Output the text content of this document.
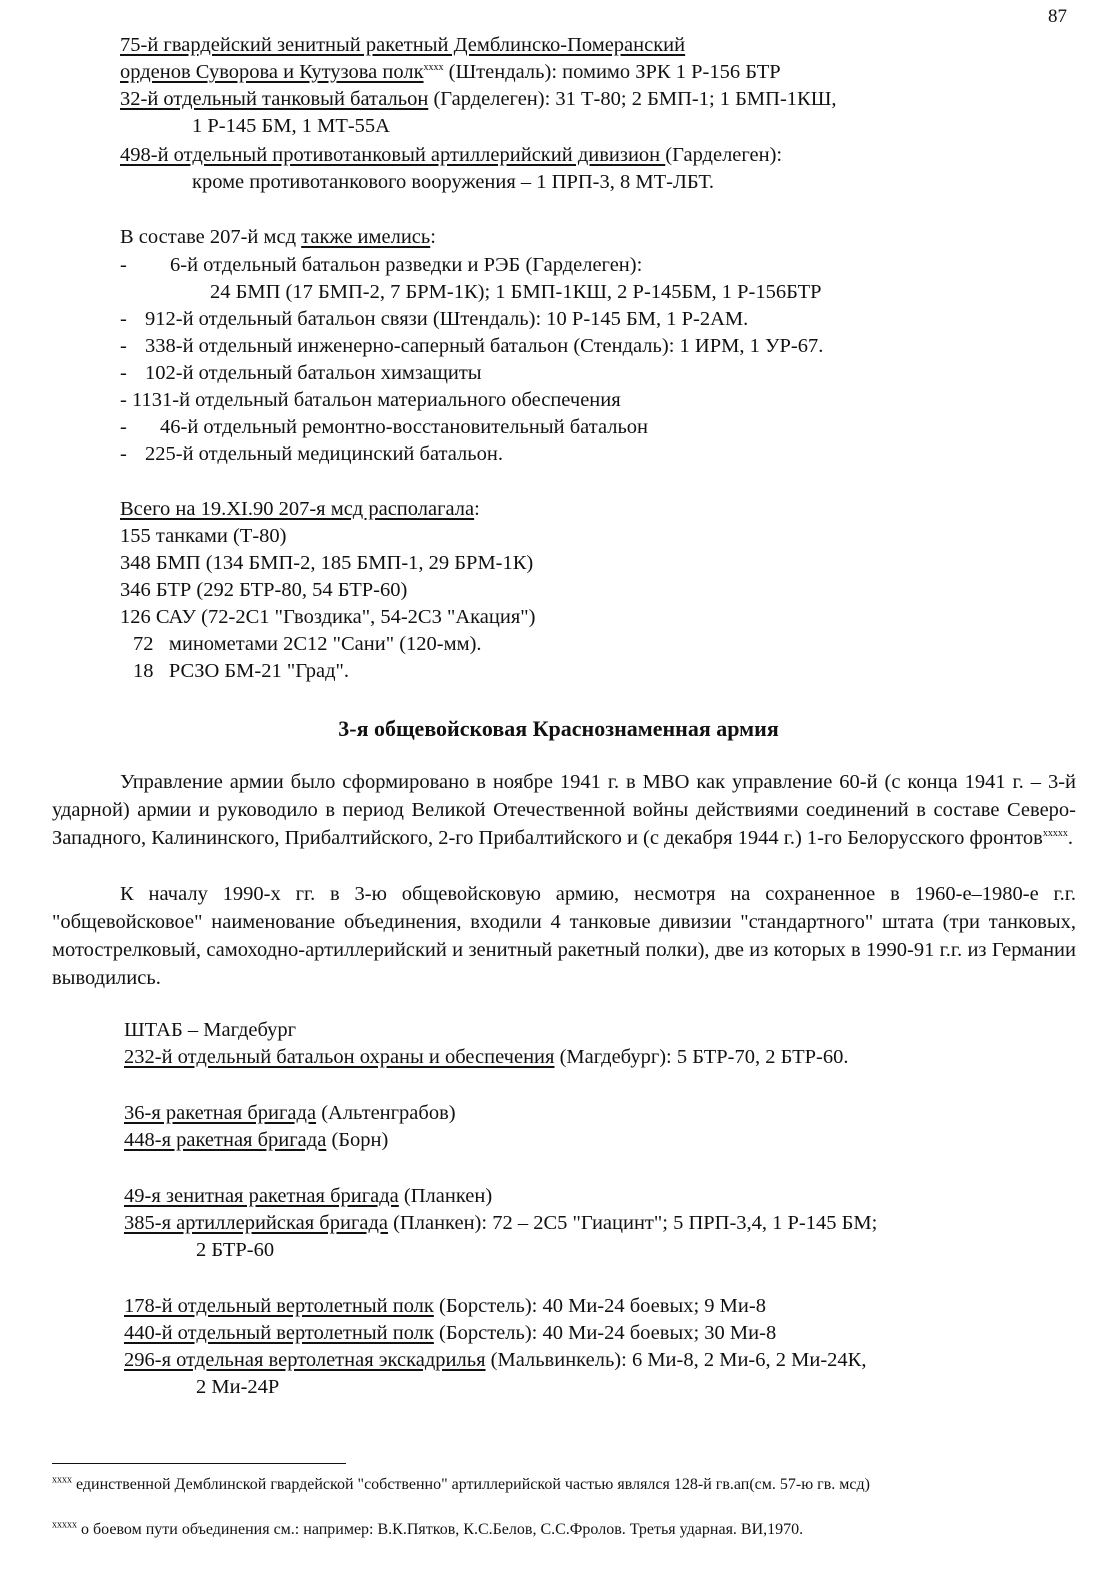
87
75-й гвардейский зенитный ракетный Демблинско-Померанский
орденов Суворова и Кутузова полк$^{xxxx}$ (Штендаль): помимо ЗРК 1 Р-156 БТР
32-й отдельный танковый батальон (Гарделеген): 31 Т-80; 2 БМП-1; 1 БМП-1КШ,
1 Р-145 БМ, 1 МТ-55А
498-й отдельный противотанковый артиллерийский дивизион (Гарделеген):
кроме противотанкового вооружения – 1 ПРП-3, 8 МТ-ЛБТ.
В составе 207-й мсд также имелись:
- 6-й отдельный батальон разведки и РЭБ (Гарделеген):
24 БМП (17 БМП-2, 7 БРМ-1К); 1 БМП-1КШ, 2 Р-145БМ, 1 Р-156БТР
- 912-й отдельный батальон связи (Штендаль): 10 Р-145 БМ, 1 Р-2АМ.
- 338-й отдельный инженерно-саперный батальон (Стендаль): 1 ИРМ, 1 УР-67.
- 102-й отдельный батальон химзащиты
- 1131-й отдельный батальон материального обеспечения
- 46-й отдельный ремонтно-восстановительный батальон
- 225-й отдельный медицинский батальон.
Всего на 19.XI.90 207-я мсд располагала:
155 танками (Т-80)
348 БМП (134 БМП-2, 185 БМП-1, 29 БРМ-1К)
346 БТР (292 БТР-80, 54 БТР-60)
126 САУ (72-2С1 "Гвоздика", 54-2С3 "Акация")
72   минометами 2С12 "Сани" (120-мм).
18   РСЗО БМ-21 "Град".
3-я общевойсковая Краснознаменная армия
Управление армии было сформировано в ноябре 1941 г. в МВО как управление 60-й (с конца 1941 г. – 3-й ударной) армии и руководило в период Великой Отечественной войны действиями соединений в составе Северо-Западного, Калининского, Прибалтийского, 2-го Прибалтийского и (с декабря 1944 г.) 1-го Белорусского фронтов$^{xxxxx}$.
К началу 1990-х гг. в 3-ю общевойсковую армию, несмотря на сохраненное в 1960-е–1980-е г.г. "общевойсковое" наименование объединения, входили 4 танковые дивизии "стандартного" штата (три танковых, мотострелковый, самоходно-артиллерийский и зенитный ракетный полки), две из которых в 1990-91 г.г. из Германии выводились.
ШТАБ – Магдебург
232-й отдельный батальон охраны и обеспечения (Магдебург): 5 БТР-70, 2 БТР-60.
36-я ракетная бригада (Альтенграбов)
448-я ракетная бригада (Борн)
49-я зенитная ракетная бригада (Планкен)
385-я артиллерийская бригада (Планкен): 72 – 2С5 "Гиацинт"; 5 ПРП-3,4, 1 Р-145 БМ;
2 БТР-60
178-й отдельный вертолетный полк (Борстель): 40 Ми-24 боевых; 9 Ми-8
440-й отдельный вертолетный полк (Борстель): 40 Ми-24 боевых; 30 Ми-8
296-я отдельная вертолетная экскадрилья (Мальвинкель): 6 Ми-8, 2 Ми-6, 2 Ми-24К,
2 Ми-24Р
$^{xxxx}$ единственной Демблинской гвардейской "собственно" артиллерийской частью являлся 128-й гв.ап(см. 57-ю гв. мсд)
$^{xxxxx}$ о боевом пути объединения см.: например: В.К.Пятков, К.С.Белов, С.С.Фролов. Третья ударная. ВИ,1970.
